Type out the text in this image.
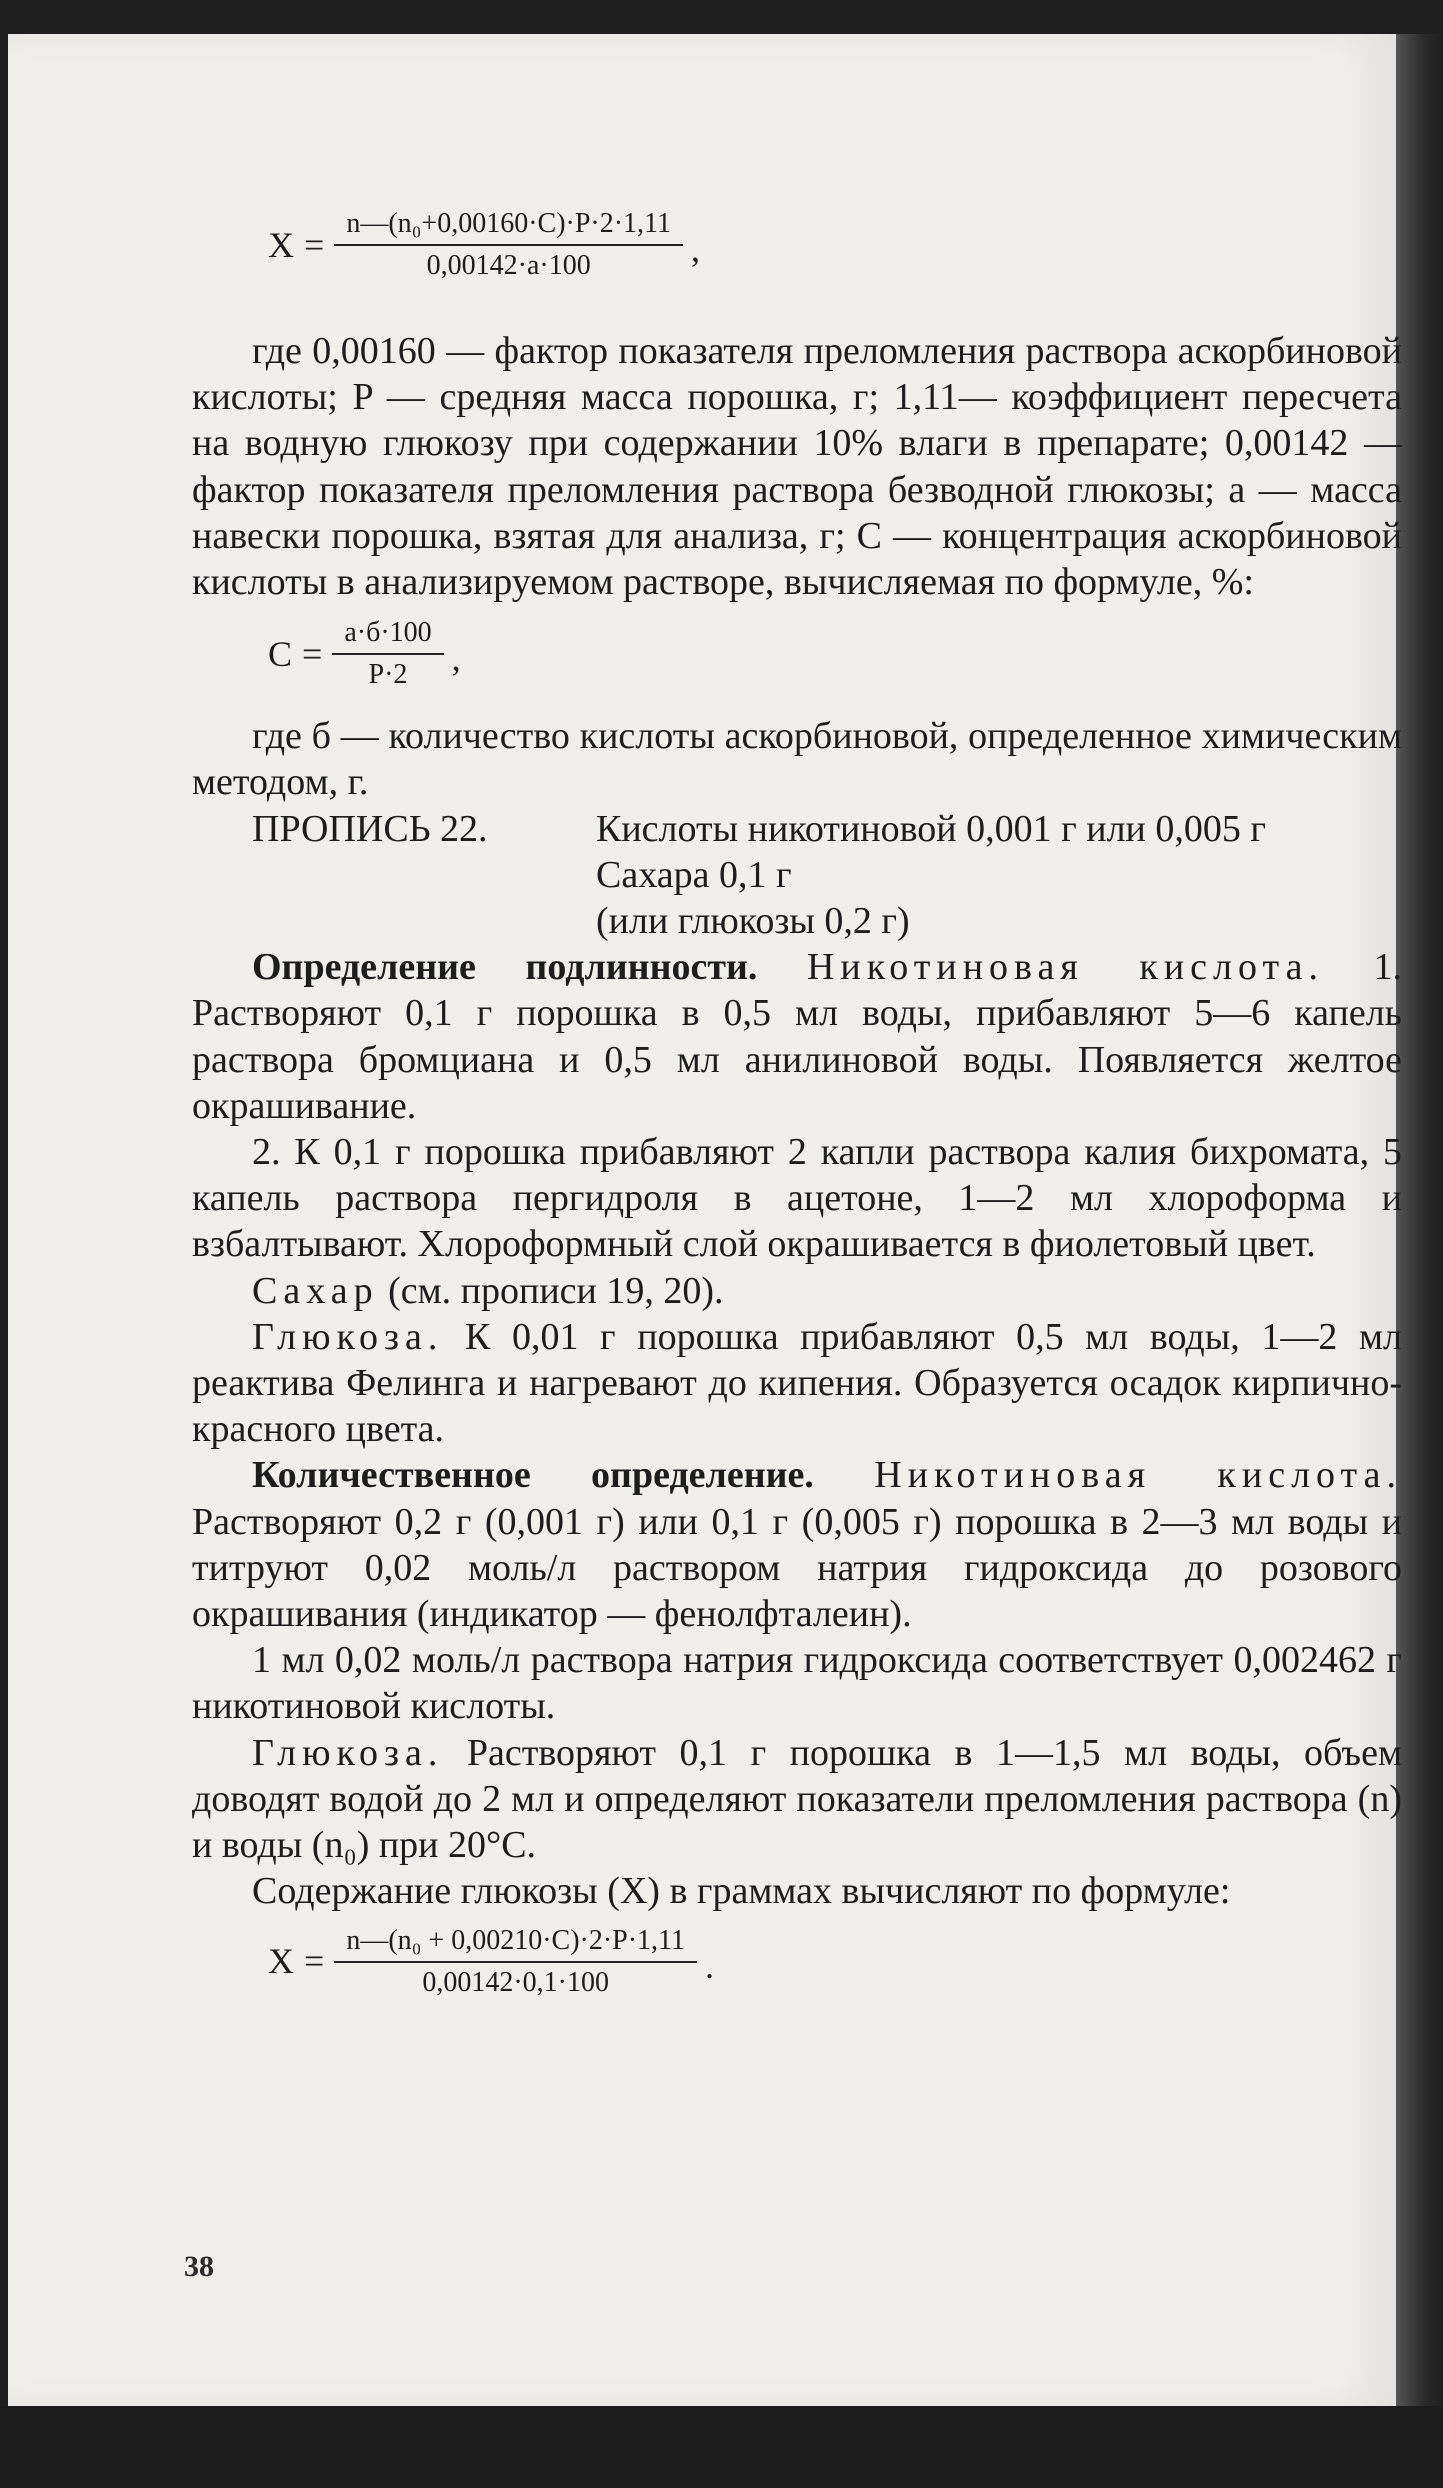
$X = \frac{\text{n—(n₀+0,00160·C)·P·2·1,11}}{0,00142\cdot a\cdot 100}$ ,

где 0,00160 — фактор показателя преломления раствора аскорбиновой кислоты; P — средняя масса порошка, г; 1,11— коэффициент пересчета на водную глюкозу при содержании 10% влаги в препарате; 0,00142 — фактор показателя преломления раствора безводной глюкозы; a — масса навески порошка, взятая для анализа, г; C — концентрация аскорбиновой кислоты в анализируемом растворе, вычисляемая по формуле, %:

$C = \frac{a\cdot б\cdot 100}{P\cdot 2}$ ,

где б — количество кислоты аскорбиновой, определенное химическим методом, г.

ПРОПИСЬ 22.	Кислоты никотиновой 0,001 г или 0,005 г
Сахара 0,1 г
(или глюкозы 0,2 г)

Определение подлинности. Никотиновая кислота. 1. Растворяют 0,1 г порошка в 0,5 мл воды, прибавляют 5—6 капель раствора бромциана и 0,5 мл анилиновой воды. Появляется желтое окрашивание.

2. К 0,1 г порошка прибавляют 2 капли раствора калия бихромата, 5 капель раствора пергидроля в ацетоне, 1—2 мл хлороформа и взбалтывают. Хлороформный слой окрашивается в фиолетовый цвет.

Сахар (см. прописи 19, 20).

Глюкоза. К 0,01 г порошка прибавляют 0,5 мл воды, 1—2 мл реактива Фелинга и нагревают до кипения. Образуется осадок кирпично-красного цвета.

Количественное определение. Никотиновая кислота. Растворяют 0,2 г (0,001 г) или 0,1 г (0,005 г) порошка в 2—3 мл воды и титруют 0,02 моль/л раствором натрия гидроксида до розового окрашивания (индикатор — фенолфталеин).

1 мл 0,02 моль/л раствора натрия гидроксида соответствует 0,002462 г никотиновой кислоты.

Глюкоза. Растворяют 0,1 г порошка в 1—1,5 мл воды, объем доводят водой до 2 мл и определяют показатели преломления раствора (n) и воды (n₀) при 20°C.

Содержание глюкозы (X) в граммах вычисляют по формуле:

$X = \frac{\text{n—(n₀ + 0,00210·C)·2·P·1,11}}{0,00142\cdot 0,1\cdot 100}$ .
38
